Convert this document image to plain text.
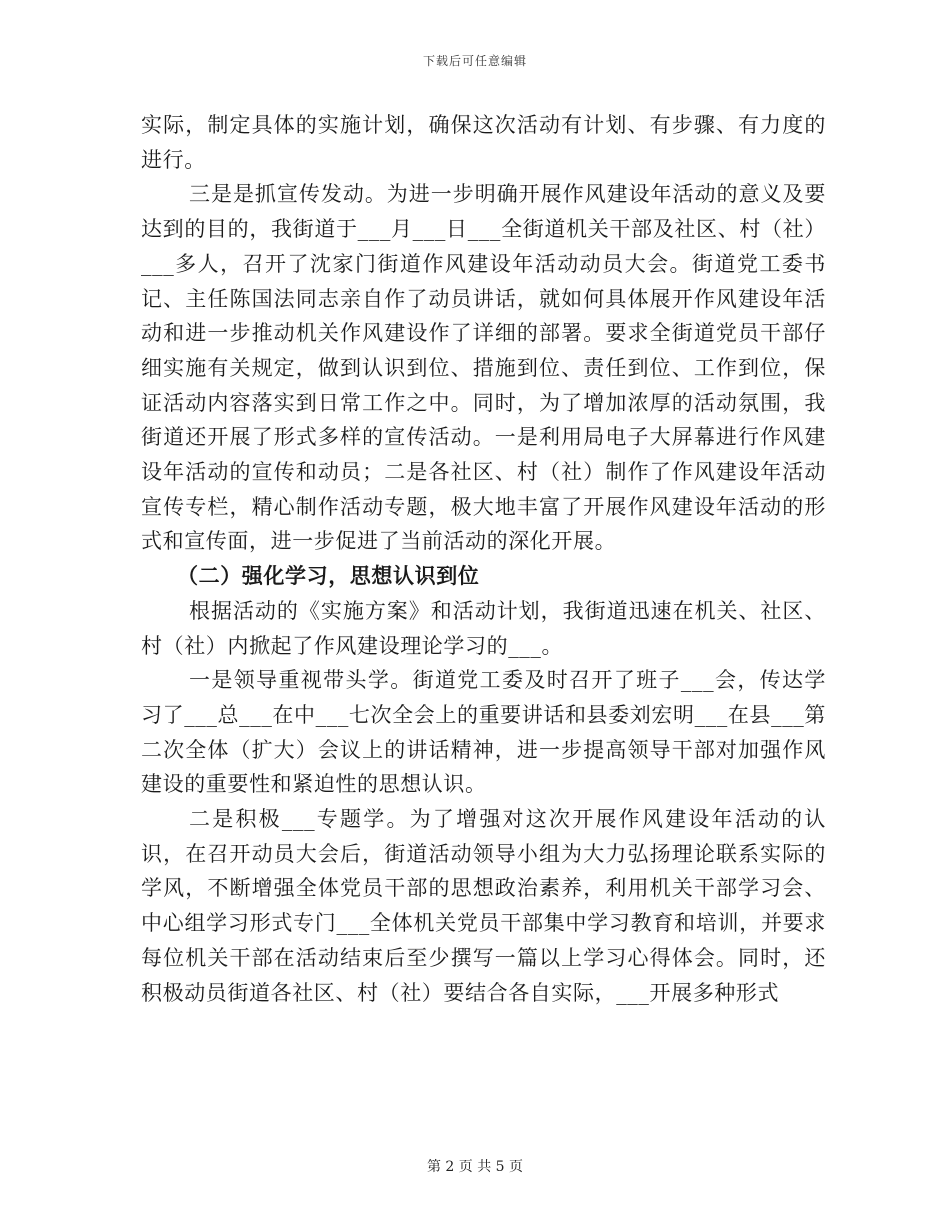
下载后可任意编辑

实际，制定具体的实施计划，确保这次活动有计划、有步骤、有力度的进行。

三是是抓宣传发动。为进一步明确开展作风建设年活动的意义及要达到的目的，我街道于___月___日___全街道机关干部及社区、村（社）___多人，召开了沈家门街道作风建设年活动动员大会。街道党工委书记、主任陈国法同志亲自作了动员讲话，就如何具体展开作风建设年活动和进一步推动机关作风建设作了详细的部署。要求全街道党员干部仔细实施有关规定，做到认识到位、措施到位、责任到位、工作到位，保证活动内容落实到日常工作之中。同时，为了增加浓厚的活动氛围，我街道还开展了形式多样的宣传活动。一是利用局电子大屏幕进行作风建设年活动的宣传和动员；二是各社区、村（社）制作了作风建设年活动宣传专栏，精心制作活动专题，极大地丰富了开展作风建设年活动的形式和宣传面，进一步促进了当前活动的深化开展。

（二）强化学习，思想认识到位

根据活动的《实施方案》和活动计划，我街道迅速在机关、社区、村（社）内掀起了作风建设理论学习的___。

一是领导重视带头学。街道党工委及时召开了班子___会，传达学习了___总___在中___七次全会上的重要讲话和县委刘宏明___在县___第二次全体（扩大）会议上的讲话精神，进一步提高领导干部对加强作风建设的重要性和紧迫性的思想认识。

二是积极___专题学。为了增强对这次开展作风建设年活动的认识，在召开动员大会后，街道活动领导小组为大力弘扬理论联系实际的学风，不断增强全体党员干部的思想政治素养，利用机关干部学习会、中心组学习形式专门___全体机关党员干部集中学习教育和培训，并要求每位机关干部在活动结束后至少撰写一篇以上学习心得体会。同时，还积极动员街道各社区、村（社）要结合各自实际，___开展多种形式

第 2 页 共 5 页
